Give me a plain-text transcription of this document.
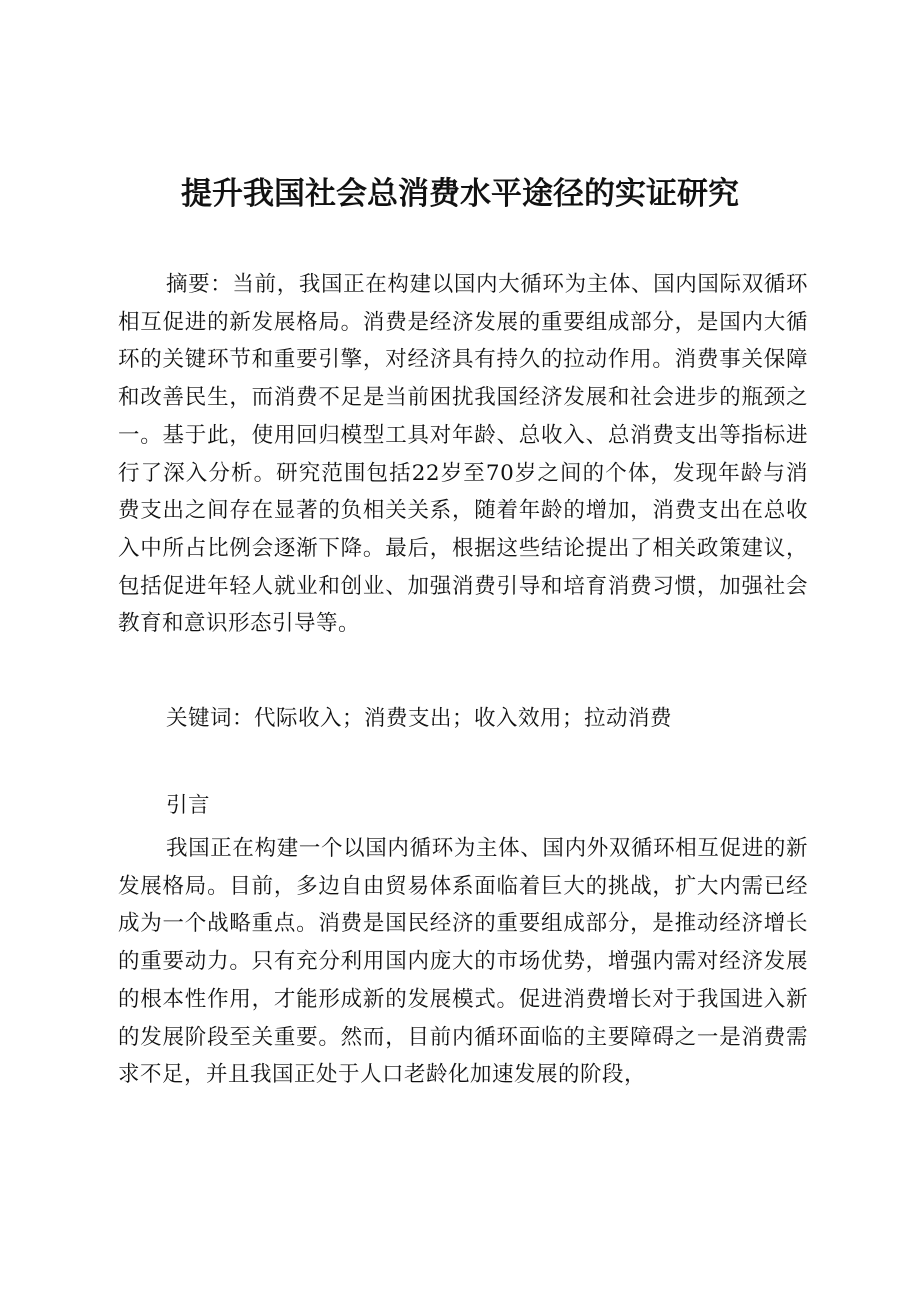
提升我国社会总消费水平途径的实证研究

摘要：当前，我国正在构建以国内大循环为主体、国内国际双循环相互促进的新发展格局。消费是经济发展的重要组成部分，是国内大循环的关键环节和重要引擎，对经济具有持久的拉动作用。消费事关保障和改善民生，而消费不足是当前困扰我国经济发展和社会进步的瓶颈之一。基于此，使用回归模型工具对年龄、总收入、总消费支出等指标进行了深入分析。研究范围包括22岁至70岁之间的个体，发现年龄与消费支出之间存在显著的负相关关系，随着年龄的增加，消费支出在总收入中所占比例会逐渐下降。最后，根据这些结论提出了相关政策建议，包括促进年轻人就业和创业、加强消费引导和培育消费习惯，加强社会教育和意识形态引导等。

关键词：代际收入；消费支出；收入效用；拉动消费

引言

我国正在构建一个以国内循环为主体、国内外双循环相互促进的新发展格局。目前，多边自由贸易体系面临着巨大的挑战，扩大内需已经成为一个战略重点。消费是国民经济的重要组成部分，是推动经济增长的重要动力。只有充分利用国内庞大的市场优势，增强内需对经济发展的根本性作用，才能形成新的发展模式。促进消费增长对于我国进入新的发展阶段至关重要。然而，目前内循环面临的主要障碍之一是消费需求不足，并且我国正处于人口老龄化加速发展的阶段，
